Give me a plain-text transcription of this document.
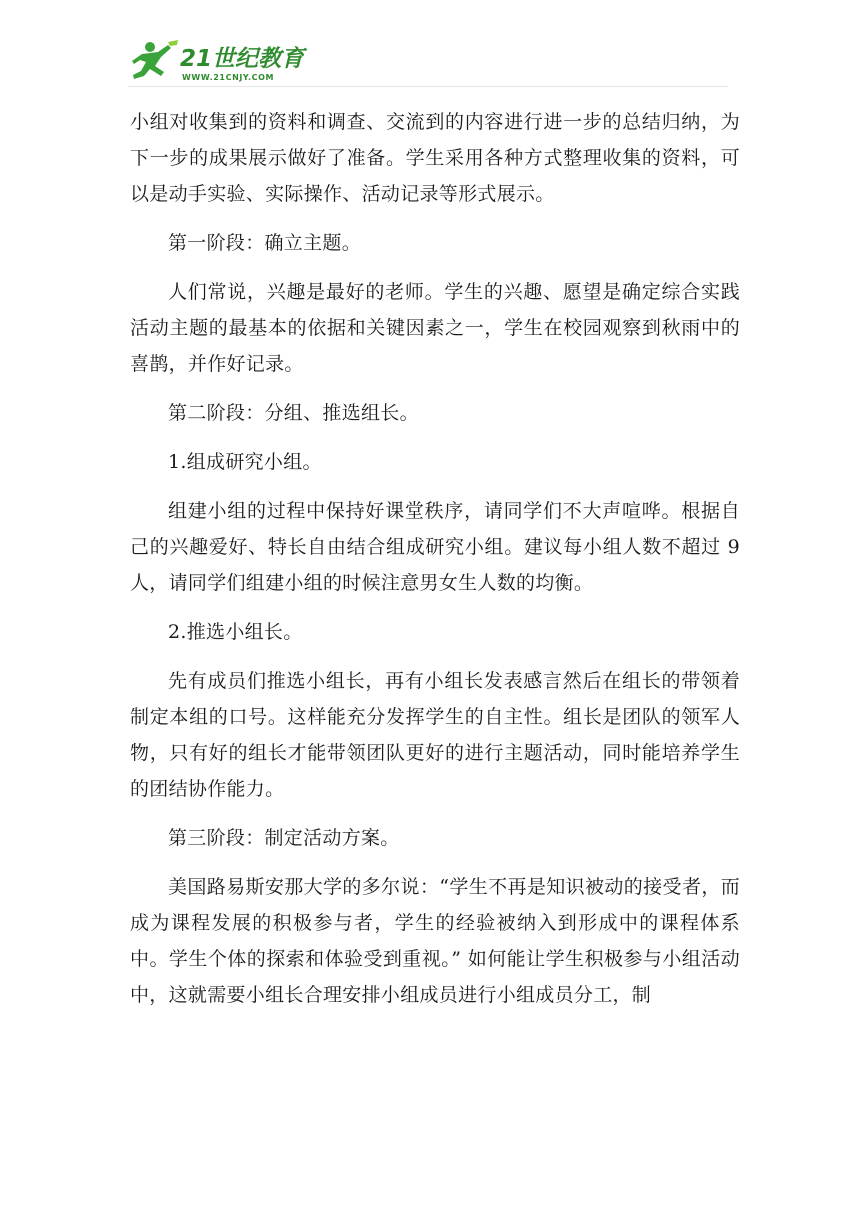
21世纪教育
WWW.21CNJY.COM

小组对收集到的资料和调查、交流到的内容进行进一步的总结归纳，为下一步的成果展示做好了准备。学生采用各种方式整理收集的资料，可以是动手实验、实际操作、活动记录等形式展示。

第一阶段：确立主题。

人们常说，兴趣是最好的老师。学生的兴趣、愿望是确定综合实践活动主题的最基本的依据和关键因素之一，学生在校园观察到秋雨中的喜鹊，并作好记录。

第二阶段：分组、推选组长。

1.组成研究小组。

组建小组的过程中保持好课堂秩序，请同学们不大声喧哗。根据自己的兴趣爱好、特长自由结合组成研究小组。建议每小组人数不超过 9 人，请同学们组建小组的时候注意男女生人数的均衡。

2.推选小组长。

先有成员们推选小组长，再有小组长发表感言然后在组长的带领着制定本组的口号。这样能充分发挥学生的自主性。组长是团队的领军人物，只有好的组长才能带领团队更好的进行主题活动，同时能培养学生的团结协作能力。

第三阶段：制定活动方案。

美国路易斯安那大学的多尔说：“学生不再是知识被动的接受者，而成为课程发展的积极参与者，学生的经验被纳入到形成中的课程体系中。学生个体的探索和体验受到重视。” 如何能让学生积极参与小组活动中，这就需要小组长合理安排小组成员进行小组成员分工，制
